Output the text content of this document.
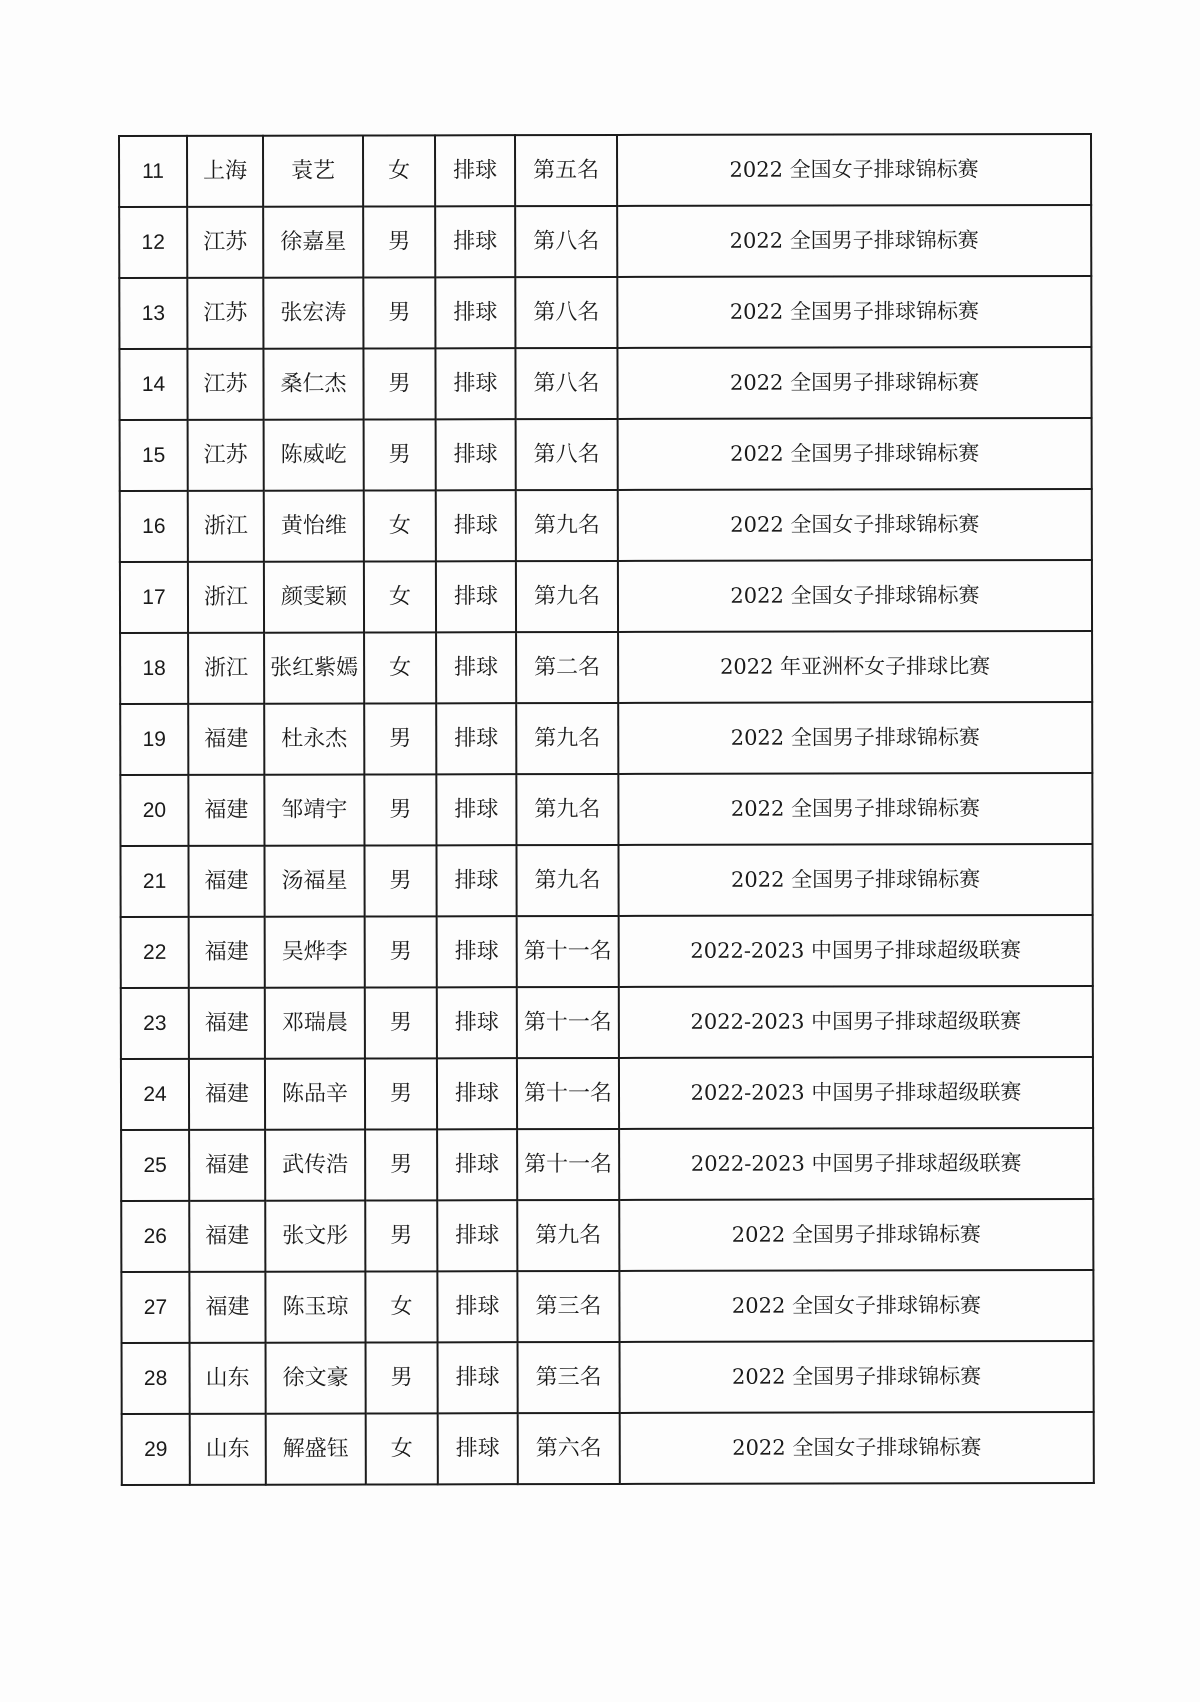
11	上海	袁艺	女	排球	第五名	2022 全国女子排球锦标赛
12	江苏	徐嘉星	男	排球	第八名	2022 全国男子排球锦标赛
13	江苏	张宏涛	男	排球	第八名	2022 全国男子排球锦标赛
14	江苏	桑仁杰	男	排球	第八名	2022 全国男子排球锦标赛
15	江苏	陈威屹	男	排球	第八名	2022 全国男子排球锦标赛
16	浙江	黄怡维	女	排球	第九名	2022 全国女子排球锦标赛
17	浙江	颜雯颖	女	排球	第九名	2022 全国女子排球锦标赛
18	浙江	张红紫嫣	女	排球	第二名	2022 年亚洲杯女子排球比赛
19	福建	杜永杰	男	排球	第九名	2022 全国男子排球锦标赛
20	福建	邹靖宇	男	排球	第九名	2022 全国男子排球锦标赛
21	福建	汤福星	男	排球	第九名	2022 全国男子排球锦标赛
22	福建	吴烨李	男	排球	第十一名	2022-2023 中国男子排球超级联赛
23	福建	邓瑞晨	男	排球	第十一名	2022-2023 中国男子排球超级联赛
24	福建	陈品辛	男	排球	第十一名	2022-2023 中国男子排球超级联赛
25	福建	武传浩	男	排球	第十一名	2022-2023 中国男子排球超级联赛
26	福建	张文彤	男	排球	第九名	2022 全国男子排球锦标赛
27	福建	陈玉琼	女	排球	第三名	2022 全国女子排球锦标赛
28	山东	徐文豪	男	排球	第三名	2022 全国男子排球锦标赛
29	山东	解盛钰	女	排球	第六名	2022 全国女子排球锦标赛
